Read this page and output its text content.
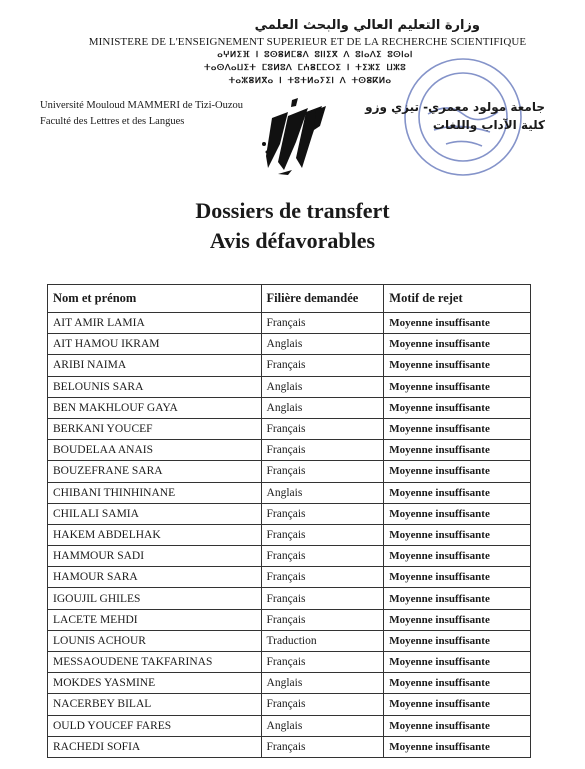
وزارة التعليم العالي والبحث العلمي
MINISTERE DE L'ENSEIGNEMENT SUPERIEUR ET DE LA RECHERCHE SCIENTIFIQUE
ⴰⵖⵍⵉⴼ ⵏ ⵓⵙⴻⵍⵎⴻⴷ ⵓⵏⵏⵉⴳ ⴷ ⵓⵏⴰⴷⵉ ⵓⵙⵏⴰⵏ
ⵜⴰⵙⴷⴰⵡⵉⵜ ⵎⵓⵍⵓⴷ ⵎⵄⴻⵎⵎⵔⵉ ⵏ ⵜⵉⵣⵉ ⵡⵣⵓ
ⵜⴰⵣⴻⵍⴳⴰ ⵏ ⵜⵓⵜⵍⴰⵢⵉⵏ ⴷ ⵜⵙⴻⴽⵍⴰ
Université Mouloud MAMMERI de Tizi-Ouzou
Faculté des Lettres et des Langues
جامعة مولود معمري- تيزي وزو
كلية الآداب واللغات
Dossiers de transfert
Avis défavorables
Nom et prénom	Filière demandée	Motif de rejet
AIT AMIR LAMIA	Français	Moyenne insuffisante
AIT HAMOU IKRAM	Anglais	Moyenne insuffisante
ARIBI NAIMA	Français	Moyenne insuffisante
BELOUNIS SARA	Anglais	Moyenne insuffisante
BEN MAKHLOUF GAYA	Anglais	Moyenne insuffisante
BERKANI YOUCEF	Français	Moyenne insuffisante
BOUDELAA ANAIS	Français	Moyenne insuffisante
BOUZEFRANE SARA	Français	Moyenne insuffisante
CHIBANI THINHINANE	Anglais	Moyenne insuffisante
CHILALI SAMIA	Français	Moyenne insuffisante
HAKEM ABDELHAK	Français	Moyenne insuffisante
HAMMOUR SADI	Français	Moyenne insuffisante
HAMOUR SARA	Français	Moyenne insuffisante
IGOUJIL GHILES	Français	Moyenne insuffisante
LACETE MEHDI	Français	Moyenne insuffisante
LOUNIS ACHOUR	Traduction	Moyenne insuffisante
MESSAOUDENE TAKFARINAS	Français	Moyenne insuffisante
MOKDES YASMINE	Anglais	Moyenne insuffisante
NACERBEY BILAL	Français	Moyenne insuffisante
OULD YOUCEF FARES	Anglais	Moyenne insuffisante
RACHEDI SOFIA	Français	Moyenne insuffisante
